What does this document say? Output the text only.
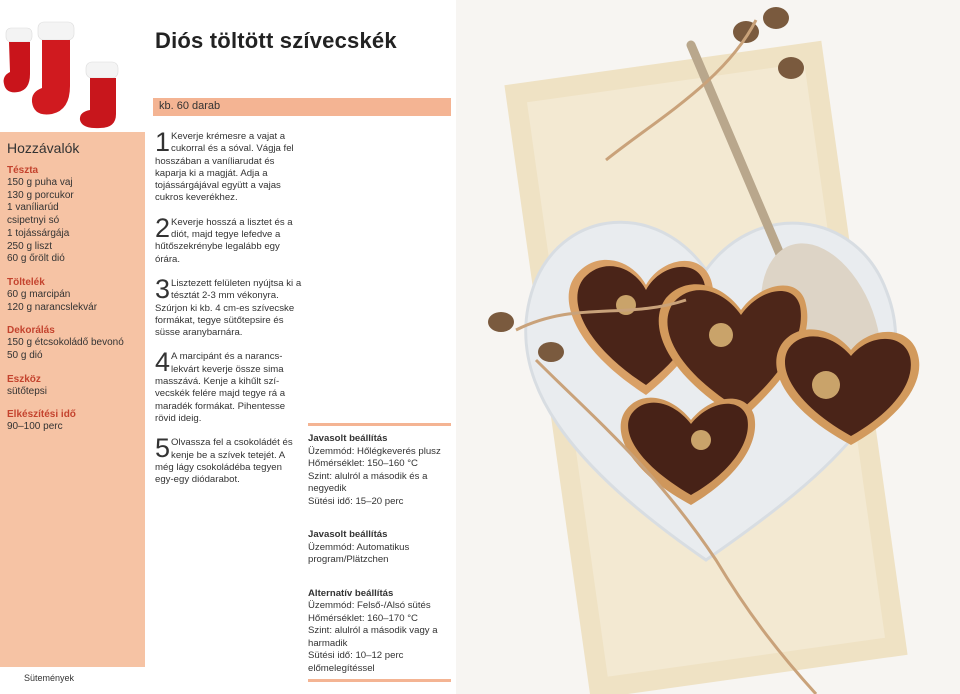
Diós töltött szívecskék
kb. 60 darab
Hozzávalók
Tészta
150 g puha vaj
130 g porcukor
1 vaníliarúd
csipetnyi só
1 tojássárgája
250 g liszt
60 g őrölt dió
Töltelék
60 g marcipán
120 g narancslekvár
Dekorálás
150 g étcsokoládő bevonó
50 g dió
Eszköz
sütőtepsi
Elkészítési idő
90–100 perc
Sütemények
1 Keverje krémesre a vajat a cukorral és a sóval. Vágja fel hosszában a vaníliarudat és kaparja ki a magját. Adja a tojássárgájával együtt a vajas cukros keverékhez.
2 Keverje hosszá a lisztet és a diót, majd tegye lefedve a hűtőszekrénybe legalább egy órára.
3 Lisztezett felületen nyújtsa ki a tésztát 2-3 mm vékonyra. Szúrjon ki kb. 4 cm-es szívecske formákat, tegye sütőtepsire és süsse aranybarnára.
4 A marcipánt és a narancs-lekvárt keverje össze sima masszává. Kenje a kihűlt szí-vecskék felére majd tegye rá a maradék formákat. Pihentesse rövid ideig.
5 Olvassza fel a csokoládét és kenje be a szívek tetejét. A még lágy csokoládéba tegyen egy-egy diódarabot.
Javasolt beállítás
Üzemmód: Hőlégkeverés plusz
Hőmérséklet: 150–160 °C
Szint: alulról a második és a negyedik
Sütési idő: 15–20 perc
Javasolt beállítás
Üzemmód: Automatikus program/Plätzchen
Alternatív beállítás
Üzemmód: Felső-/Alsó sütés
Hőmérséklet: 160–170 °C
Szint: alulról a második vagy a harmadik
Sütési idő: 10–12 perc
előmelegítéssel
